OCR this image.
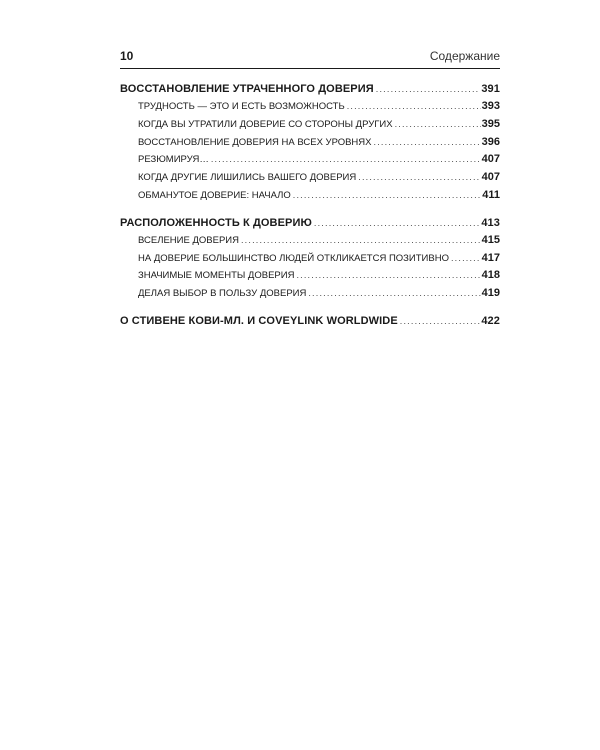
10	Содержание
ВОССТАНОВЛЕНИЕ УТРАЧЕННОГО ДОВЕРИЯ .....	391
ТРУДНОСТЬ — ЭТО И ЕСТЬ ВОЗМОЖНОСТЬ .....	393
КОГДА ВЫ УТРАТИЛИ ДОВЕРИЕ СО СТОРОНЫ ДРУГИХ .....	395
ВОССТАНОВЛЕНИЕ ДОВЕРИЯ НА ВСЕХ УРОВНЯХ .....	396
РЕЗЮМИРУЯ… .....	407
КОГДА ДРУГИЕ ЛИШИЛИСЬ ВАШЕГО ДОВЕРИЯ .....	407
ОБМАНУТОЕ ДОВЕРИЕ: НАЧАЛО .....	411
РАСПОЛОЖЕННОСТЬ К ДОВЕРИЮ .....	413
ВСЕЛЕНИЕ ДОВЕРИЯ .....	415
НА ДОВЕРИЕ БОЛЬШИНСТВО ЛЮДЕЙ ОТКЛИКАЕТСЯ ПОЗИТИВНО .....	417
ЗНАЧИМЫЕ МОМЕНТЫ ДОВЕРИЯ .....	418
ДЕЛАЯ ВЫБОР В ПОЛЬЗУ ДОВЕРИЯ .....	419
О СТИВЕНЕ КОВИ-МЛ. И COVEYLINK WORLDWIDE .....	422
